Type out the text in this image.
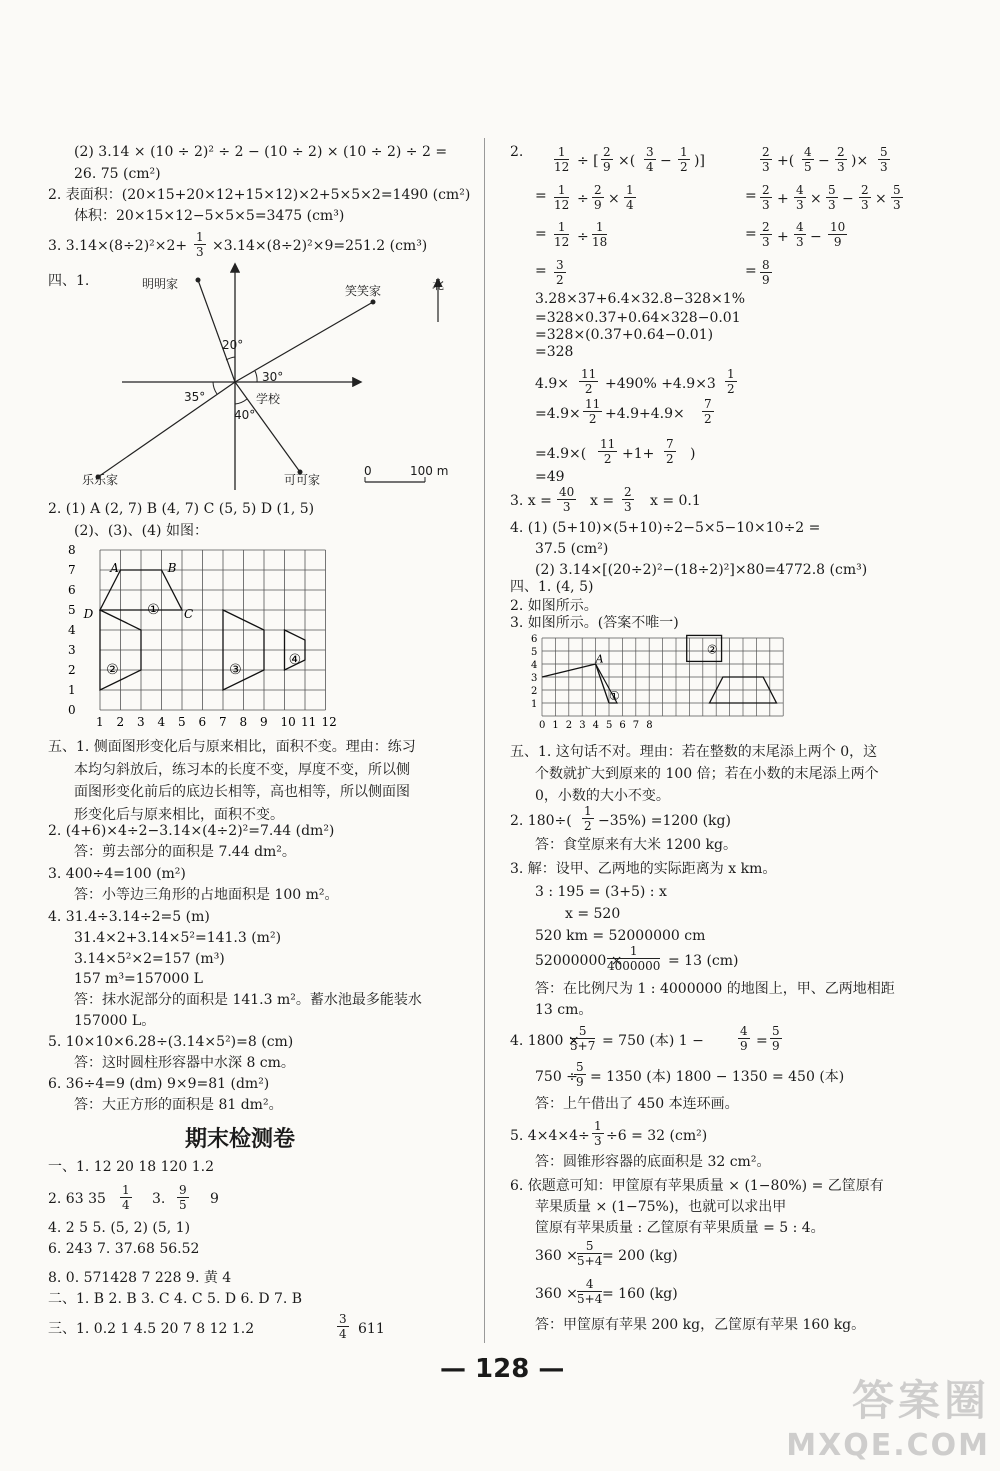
(2) 3.14 × (10 ÷ 2)² ÷ 2 − (10 ÷ 2) × (10 ÷ 2) ÷ 2 =
26. 75 (cm²)
2. 表面积：(20×15+20×12+15×12)×2+5×5×2=1490 (cm²)
体积：20×15×12−5×5×5=3475 (cm³)
3. 3.14×(8÷2)²×2+ ×3.14×(8÷2)²×9=251.2 (cm³)
四、1.
2. (1) A (2, 7) B (4, 7) C (5, 5) D (1, 5)
(2)、(3)、(4) 如图：
五、1. 侧面图形变化后与原来相比，面积不变。理由：练习
本均匀斜放后，练习本的长度不变，厚度不变，所以侧
面图形变化前后的底边长相等，高也相等，所以侧面图
形变化后与原来相比，面积不变。
2. (4+6)×4÷2−3.14×(4÷2)²=7.44 (dm²)
答：剪去部分的面积是 7.44 dm²。
3. 400÷4=100 (m²)
答：小等边三角形的占地面积是 100 m²。
4. 31.4÷3.14÷2=5 (m)
31.4×2+3.14×5²=141.3 (m²)
3.14×5²×2=157 (m³)
157 m³=157000 L
答：抹水泥部分的面积是 141.3 m²。蓄水池最多能装水
157000 L。
5. 10×10×6.28÷(3.14×5²)=8 (cm)
答：这时圆柱形容器中水深 8 cm。
6. 36÷4=9 (dm) 9×9=81 (dm²)
答：大正方形的面积是 81 dm²。
一、1. 12 20 18 120 1.2
2. 63 35	3.	9
4. 2 5 5. (5, 2) (5, 1)
6. 243 7. 37.68 56.52
8. 0. 571428 7 228 9. 黄 4
二、1. B 2. B 3. C 4. C 5. D 6. D 7. B
三、1. 0.2 1 4.5 20 7 8 12 1.2	611
$\frac{1}{3}$
$\frac{1}{4}$	$\frac{9}{5}$
$\frac{3}{4}$
2.
=
=
=
=
=
=
3.28×37+6.4×32.8−328×1%
=328×0.37+0.64×328−0.01
=328×(0.37+0.64−0.01)
=328
4.9×	+490% +4.9×3
=4.9× +4.9+4.9×
=4.9×(	+1+	)
=49
3. x =	x =	x = 0.1
4. (1) (5+10)×(5+10)÷2−5×5−10×10÷2 =
37.5 (cm²)
(2) 3.14×[(20÷2)²−(18÷2)²]×80=4772.8 (cm³)
四、1. (4, 5)
2. 如图所示。
3. 如图所示。(答案不唯一)
五、1. 这句话不对。理由：若在整数的末尾添上两个 0，这
个数就扩大到原来的 100 倍；若在小数的末尾添上两个
0，小数的大小不变。
2. 180÷( −35%) =1200 (kg)
答：食堂原来有大米 1200 kg。
3. 解：设甲、乙两地的实际距离为 x km。
3 : 195 = (3+5) : x
x = 520
520 km = 52000000 cm
52000000 ×	= 13 (cm)
答：在比例尺为 1 : 4000000 的地图上，甲、乙两地相距
13 cm。
4. 1800 × = 750 (本) 1 −	=
750 ÷ = 1350 (本) 1800 − 1350 = 450 (本)
答：上午借出了 450 本连环画。
5. 4×4×4÷ ÷6 = 32 (cm²)
答：圆锥形容器的底面积是 32 cm²。
6. 依题意可知：甲筐原有苹果质量 × (1−80%) = 乙筐原有
苹果质量 × (1−75%)，也就可以求出甲
筐原有苹果质量 : 乙筐原有苹果质量 = 5 : 4。
360 × = 200 (kg)
360 × = 160 (kg)
答：甲筐原有苹果 200 kg，乙筐原有苹果 160 kg。
$\frac{1}{12}$
$\frac{1}{12}$
$\frac{1}{12}$
$\frac{3}{2}$
$\frac{2}{3}$
$\frac{2}{3}$
$\frac{2}{3}$
$\frac{8}{9}$
$\frac{11}{2}$	$\frac{1}{2}$
$\frac{11}{2}$	$\frac{7}{2}$
$\frac{11}{2}$	$\frac{7}{2}$
$\frac{40}{3}$	$\frac{2}{3}$
$\frac{1}{2}$
$\frac{1}{4000000}$
$\frac{5}{5+7}$	$\frac{4}{9} \frac{5}{9}$
$\frac{5}{9}$
$\frac{1}{3}$
$\frac{5}{5+4}$
$\frac{4}{5+4}$
÷ [ $\frac{2}{9}$ ×( $\frac{3}{4} - \frac{1}{2}$ )]
÷ $\frac{2}{9} \times \frac{1}{4}$
÷ $\frac{1}{18}$
+( $\frac{4}{5} - \frac{2}{3}$ )× $\frac{5}{3}$
+ $\frac{4}{3} \times \frac{5}{3} - \frac{2}{3} \times \frac{5}{3}$
+ $\frac{4}{3} - \frac{10}{9}$
明明家	笑笑家	北
学校
乐乐家	可可家
0	100 m
20°
30°
35°
40°
1 2 3 4 5 6 7 8 9 10 11 12
0
1
2
3
4
5
6
7
8
A	B
C
D	①
②	③
④
0 1 2 3 4 5 6 7 8
1
2
3
4
5
6
A
①
②
期末检测卷
— 128 —
答案圈
MXQE.COM
